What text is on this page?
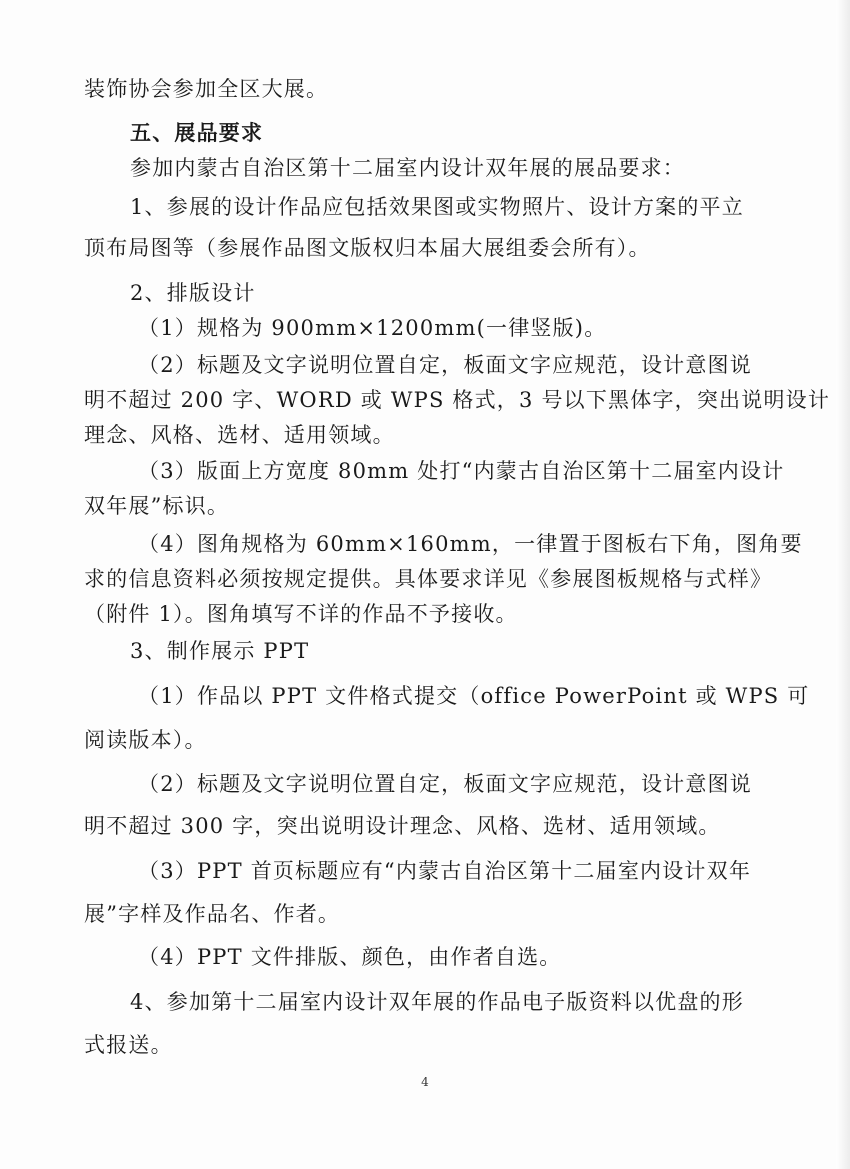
装饰协会参加全区大展。
五、展品要求
参加内蒙古自治区第十二届室内设计双年展的展品要求：
1、参展的设计作品应包括效果图或实物照片、设计方案的平立
顶布局图等（参展作品图文版权归本届大展组委会所有）。
2、排版设计
（1）规格为 900mm×1200mm(一律竖版)。
（2）标题及文字说明位置自定，板面文字应规范，设计意图说
明不超过 200 字、WORD 或 WPS 格式，3 号以下黑体字，突出说明设计
理念、风格、选材、适用领域。
（3）版面上方宽度 80mm 处打“内蒙古自治区第十二届室内设计
双年展”标识。
（4）图角规格为 60mm×160mm，一律置于图板右下角，图角要
求的信息资料必须按规定提供。具体要求详见《参展图板规格与式样》
（附件 1）。图角填写不详的作品不予接收。
3、制作展示 PPT
（1）作品以 PPT 文件格式提交（office PowerPoint 或 WPS 可
阅读版本）。
（2）标题及文字说明位置自定，板面文字应规范，设计意图说
明不超过 300 字，突出说明设计理念、风格、选材、适用领域。
（3）PPT 首页标题应有“内蒙古自治区第十二届室内设计双年
展”字样及作品名、作者。
（4）PPT 文件排版、颜色，由作者自选。
4、参加第十二届室内设计双年展的作品电子版资料以优盘的形
式报送。
4
